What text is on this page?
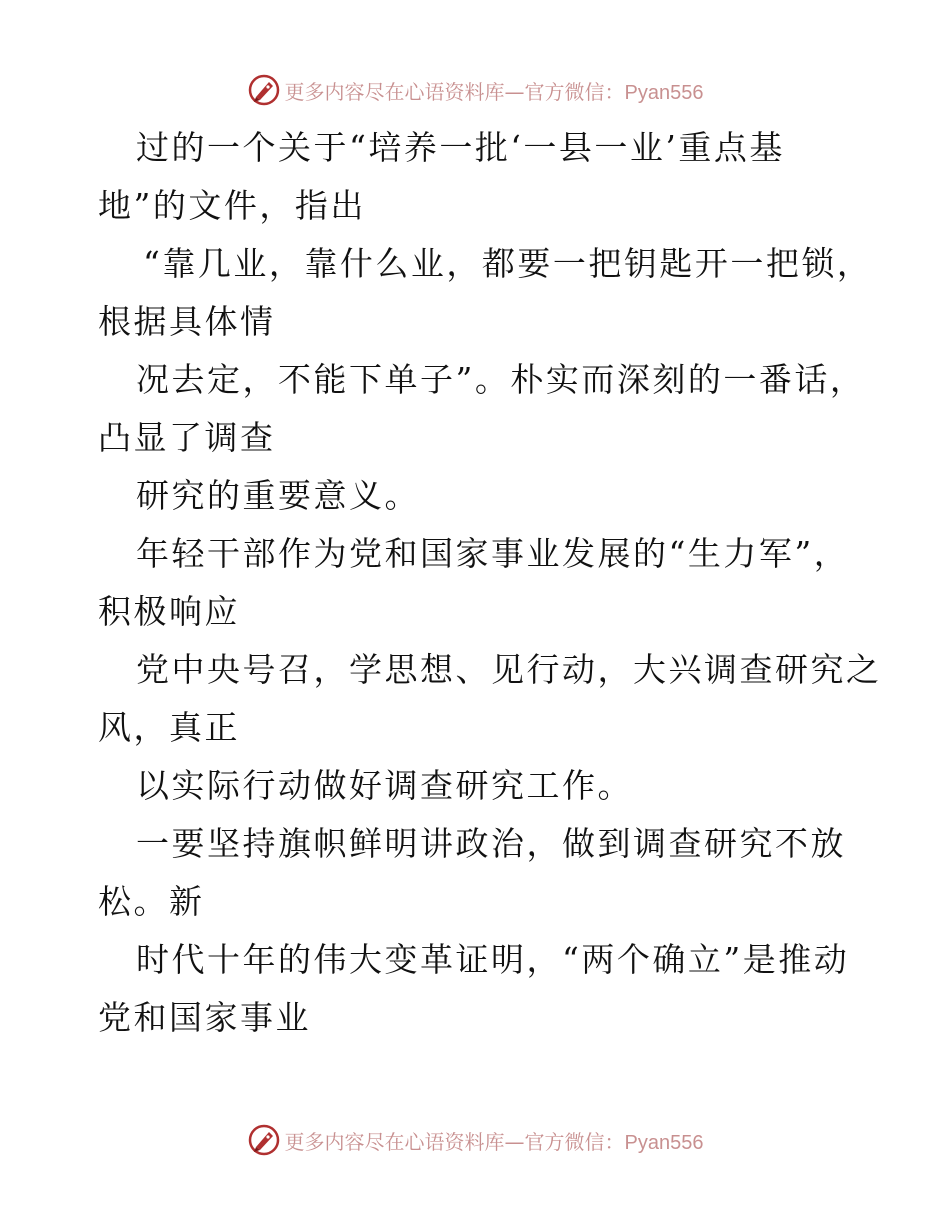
更多内容尽在心语资料库—官方微信：Pyan556
过的一个关于“培养一批‘一县一业’重点基
地”的文件，指出
“靠几业，靠什么业，都要一把钥匙开一把锁，
根据具体情
况去定，不能下单子”。朴实而深刻的一番话，
凸显了调查
研究的重要意义。
年轻干部作为党和国家事业发展的“生力军”，
积极响应
党中央号召，学思想、见行动，大兴调查研究之
风，真正
以实际行动做好调查研究工作。
一要坚持旗帜鲜明讲政治，做到调查研究不放
松。新
时代十年的伟大变革证明，“两个确立”是推动
党和国家事业
更多内容尽在心语资料库—官方微信：Pyan556
